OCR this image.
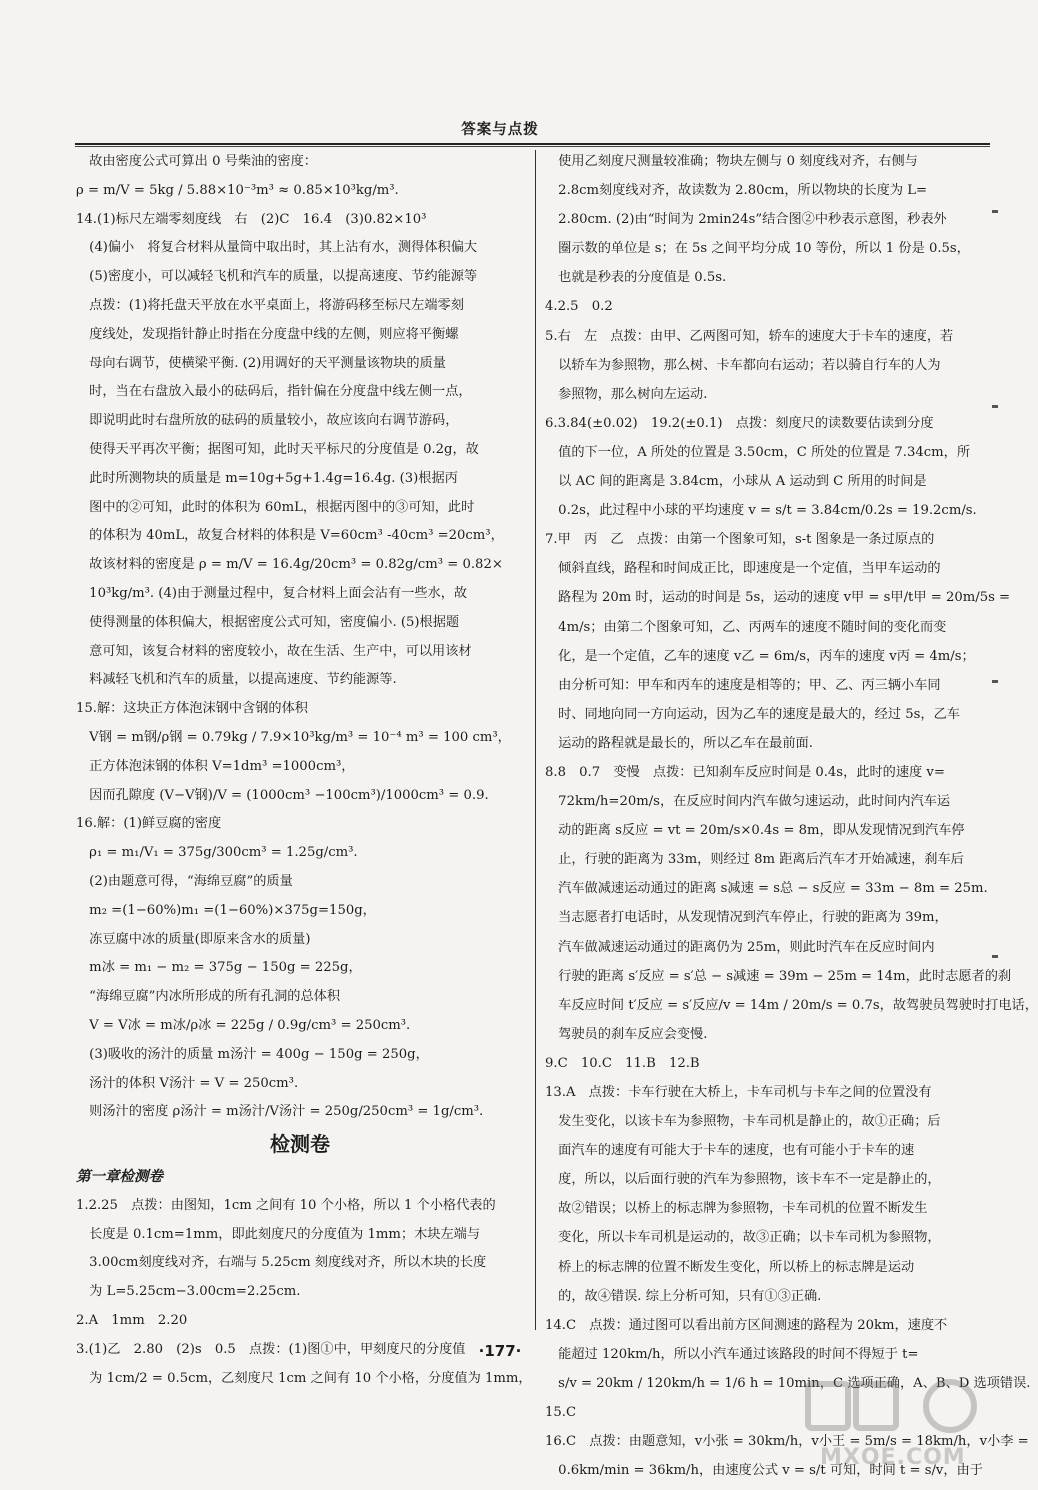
答案与点拨
　故由密度公式可算出 0 号柴油的密度：
ρ = m/V = 5kg / 5.88×10⁻³m³ ≈ 0.85×10³kg/m³.
14.(1)标尺左端零刻度线　右　(2)C　16.4　(3)0.82×10³
　(4)偏小　将复合材料从量筒中取出时，其上沾有水，测得体积偏大
　(5)密度小，可以减轻飞机和汽车的质量，以提高速度、节约能源等
　点拨：(1)将托盘天平放在水平桌面上，将游码移至标尺左端零刻
　度线处，发现指针静止时指在分度盘中线的左侧，则应将平衡螺
　母向右调节，使横梁平衡. (2)用调好的天平测量该物块的质量
　时，当在右盘放入最小的砝码后，指针偏在分度盘中线左侧一点，
　即说明此时右盘所放的砝码的质量较小，故应该向右调节游码，
　使得天平再次平衡；据图可知，此时天平标尺的分度值是 0.2g，故
　此时所测物块的质量是 m=10g+5g+1.4g=16.4g. (3)根据丙
　图中的②可知，此时的体积为 60mL，根据丙图中的③可知，此时
　的体积为 40mL，故复合材料的体积是 V=60cm³ -40cm³ =20cm³，
　故该材料的密度是 ρ = m/V = 16.4g/20cm³ = 0.82g/cm³ = 0.82×
　10³kg/m³. (4)由于测量过程中，复合材料上面会沾有一些水，故
　使得测量的体积偏大，根据密度公式可知，密度偏小. (5)根据题
　意可知，该复合材料的密度较小，故在生活、生产中，可以用该材
　料减轻飞机和汽车的质量，以提高速度、节约能源等.
15.解：这块正方体泡沫钢中含钢的体积
　V钢 = m钢/ρ钢 = 0.79kg / 7.9×10³kg/m³ = 10⁻⁴ m³ = 100 cm³，
　正方体泡沫钢的体积 V=1dm³ =1000cm³，
　因而孔隙度 (V−V钢)/V = (1000cm³ −100cm³)/1000cm³ = 0.9.
16.解：(1)鲜豆腐的密度
　ρ₁ = m₁/V₁ = 375g/300cm³ = 1.25g/cm³.
　(2)由题意可得，“海绵豆腐”的质量
　m₂ =(1−60%)m₁ =(1−60%)×375g=150g，
　冻豆腐中冰的质量(即原来含水的质量)
　m冰 = m₁ − m₂ = 375g − 150g = 225g，
　“海绵豆腐”内冰所形成的所有孔洞的总体积
　V = V冰 = m冰/ρ冰 = 225g / 0.9g/cm³ = 250cm³.
　(3)吸收的汤汁的质量 m汤汁 = 400g − 150g = 250g，
　汤汁的体积 V汤汁 = V = 250cm³.
　则汤汁的密度 ρ汤汁 = m汤汁/V汤汁 = 250g/250cm³ = 1g/cm³.
检测卷
第一章检测卷
1.2.25　点拨：由图知，1cm 之间有 10 个小格，所以 1 个小格代表的
　长度是 0.1cm=1mm，即此刻度尺的分度值为 1mm；木块左端与
　3.00cm刻度线对齐，右端与 5.25cm 刻度线对齐，所以木块的长度
　为 L=5.25cm−3.00cm=2.25cm.
2.A　1mm　2.20
3.(1)乙　2.80　(2)s　0.5　点拨：(1)图①中，甲刻度尺的分度值
　为 1cm/2 = 0.5cm，乙刻度尺 1cm 之间有 10 个小格，分度值为 1mm，
　使用乙刻度尺测量较准确；物块左侧与 0 刻度线对齐，右侧与
　2.8cm刻度线对齐，故读数为 2.80cm，所以物块的长度为 L=
　2.80cm. (2)由“时间为 2min24s”结合图②中秒表示意图，秒表外
　圈示数的单位是 s；在 5s 之间平均分成 10 等份，所以 1 份是 0.5s，
　也就是秒表的分度值是 0.5s.
4.2.5　0.2
5.右　左　点拨：由甲、乙两图可知，轿车的速度大于卡车的速度，若
　以轿车为参照物，那么树、卡车都向右运动；若以骑自行车的人为
　参照物，那么树向左运动.
6.3.84(±0.02)　19.2(±0.1)　点拨：刻度尺的读数要估读到分度
　值的下一位，A 所处的位置是 3.50cm，C 所处的位置是 7.34cm，所
　以 AC 间的距离是 3.84cm，小球从 A 运动到 C 所用的时间是
　0.2s，此过程中小球的平均速度 v = s/t = 3.84cm/0.2s = 19.2cm/s.
7.甲　丙　乙　点拨：由第一个图象可知，s-t 图象是一条过原点的
　倾斜直线，路程和时间成正比，即速度是一个定值，当甲车运动的
　路程为 20m 时，运动的时间是 5s，运动的速度 v甲 = s甲/t甲 = 20m/5s =
　4m/s；由第二个图象可知，乙、丙两车的速度不随时间的变化而变
　化，是一个定值，乙车的速度 v乙 = 6m/s，丙车的速度 v丙 = 4m/s；
　由分析可知：甲车和丙车的速度是相等的；甲、乙、丙三辆小车同
　时、同地向同一方向运动，因为乙车的速度是最大的，经过 5s，乙车
　运动的路程就是最长的，所以乙车在最前面.
8.8　0.7　变慢　点拨：已知刹车反应时间是 0.4s，此时的速度 v=
　72km/h=20m/s，在反应时间内汽车做匀速运动，此时间内汽车运
　动的距离 s反应 = vt = 20m/s×0.4s = 8m，即从发现情况到汽车停
　止，行驶的距离为 33m，则经过 8m 距离后汽车才开始减速，刹车后
　汽车做减速运动通过的距离 s减速 = s总 − s反应 = 33m − 8m = 25m.
　当志愿者打电话时，从发现情况到汽车停止，行驶的距离为 39m，
　汽车做减速运动通过的距离仍为 25m，则此时汽车在反应时间内
　行驶的距离 s′反应 = s′总 − s减速 = 39m − 25m = 14m，此时志愿者的刹
　车反应时间 t′反应 = s′反应/v = 14m / 20m/s = 0.7s，故驾驶员驾驶时打电话，
　驾驶员的刹车反应会变慢.
9.C　10.C　11.B　12.B
13.A　点拨：卡车行驶在大桥上，卡车司机与卡车之间的位置没有
　发生变化，以该卡车为参照物，卡车司机是静止的，故①正确；后
　面汽车的速度有可能大于卡车的速度，也有可能小于卡车的速
　度，所以，以后面行驶的汽车为参照物，该卡车不一定是静止的，
　故②错误；以桥上的标志牌为参照物，卡车司机的位置不断发生
　变化，所以卡车司机是运动的，故③正确；以卡车司机为参照物，
　桥上的标志牌的位置不断发生变化，所以桥上的标志牌是运动
　的，故④错误. 综上分析可知，只有①③正确.
14.C　点拨：通过图可以看出前方区间测速的路程为 20km，速度不
　能超过 120km/h，所以小汽车通过该路段的时间不得短于 t=
　s/v = 20km / 120km/h = 1/6 h = 10min，C 选项正确，A、B、D 选项错误.
15.C
16.C　点拨：由题意知，v小张 = 30km/h，v小王 = 5m/s = 18km/h，v小李 =
　0.6km/min = 36km/h，由速度公式 v = s/t 可知，时间 t = s/v，由于
·177·
MXQE.COM
